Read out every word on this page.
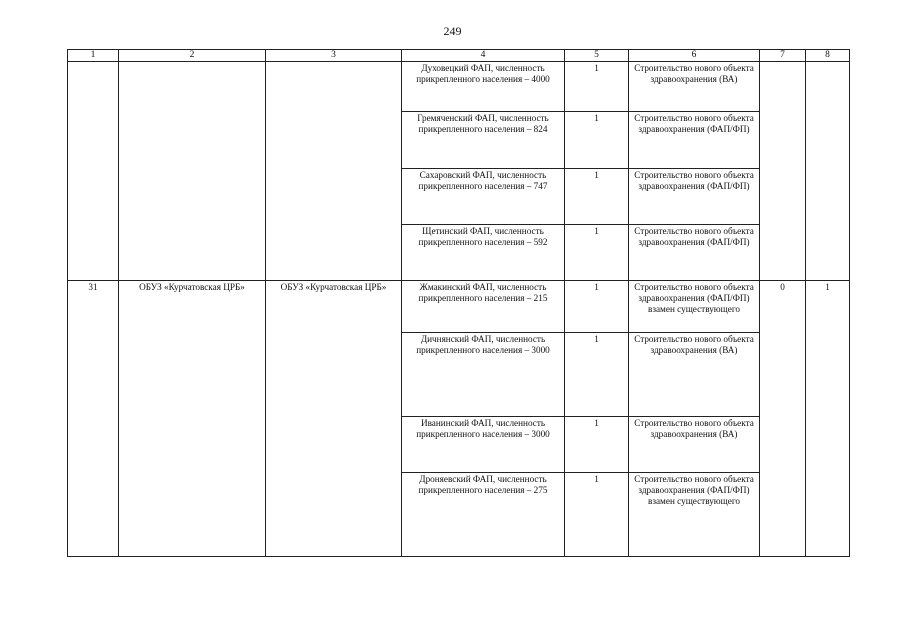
249
1	2	3	4	5	6	7	8
			Духовецкий ФАП, численность прикрепленного населения – 4000	1	Строительство нового объекта здравоохранения (ВА)		
			Гремяченский ФАП, численность прикрепленного населения – 824	1	Строительство нового объекта здравоохранения (ФАП/ФП)		
			Сахаровский ФАП, численность прикрепленного населения – 747	1	Строительство нового объекта здравоохранения (ФАП/ФП)		
			Щетинский ФАП, численность прикрепленного населения – 592	1	Строительство нового объекта здравоохранения (ФАП/ФП)		
31	ОБУЗ «Курчатовская ЦРБ»	ОБУЗ «Курчатовская ЦРБ»	Жмакинский ФАП, численность прикрепленного населения – 215	1	Строительство нового объекта здравоохранения (ФАП/ФП) взамен существующего	0	1
			Дичнянский ФАП, численность прикрепленного населения – 3000	1	Строительство нового объекта здравоохранения (ВА)		
			Иванинский ФАП, численность прикрепленного населения – 3000	1	Строительство нового объекта здравоохранения (ВА)		
			Дроняевский ФАП, численность прикрепленного населения – 275	1	Строительство нового объекта здравоохранения (ФАП/ФП) взамен существующего		
